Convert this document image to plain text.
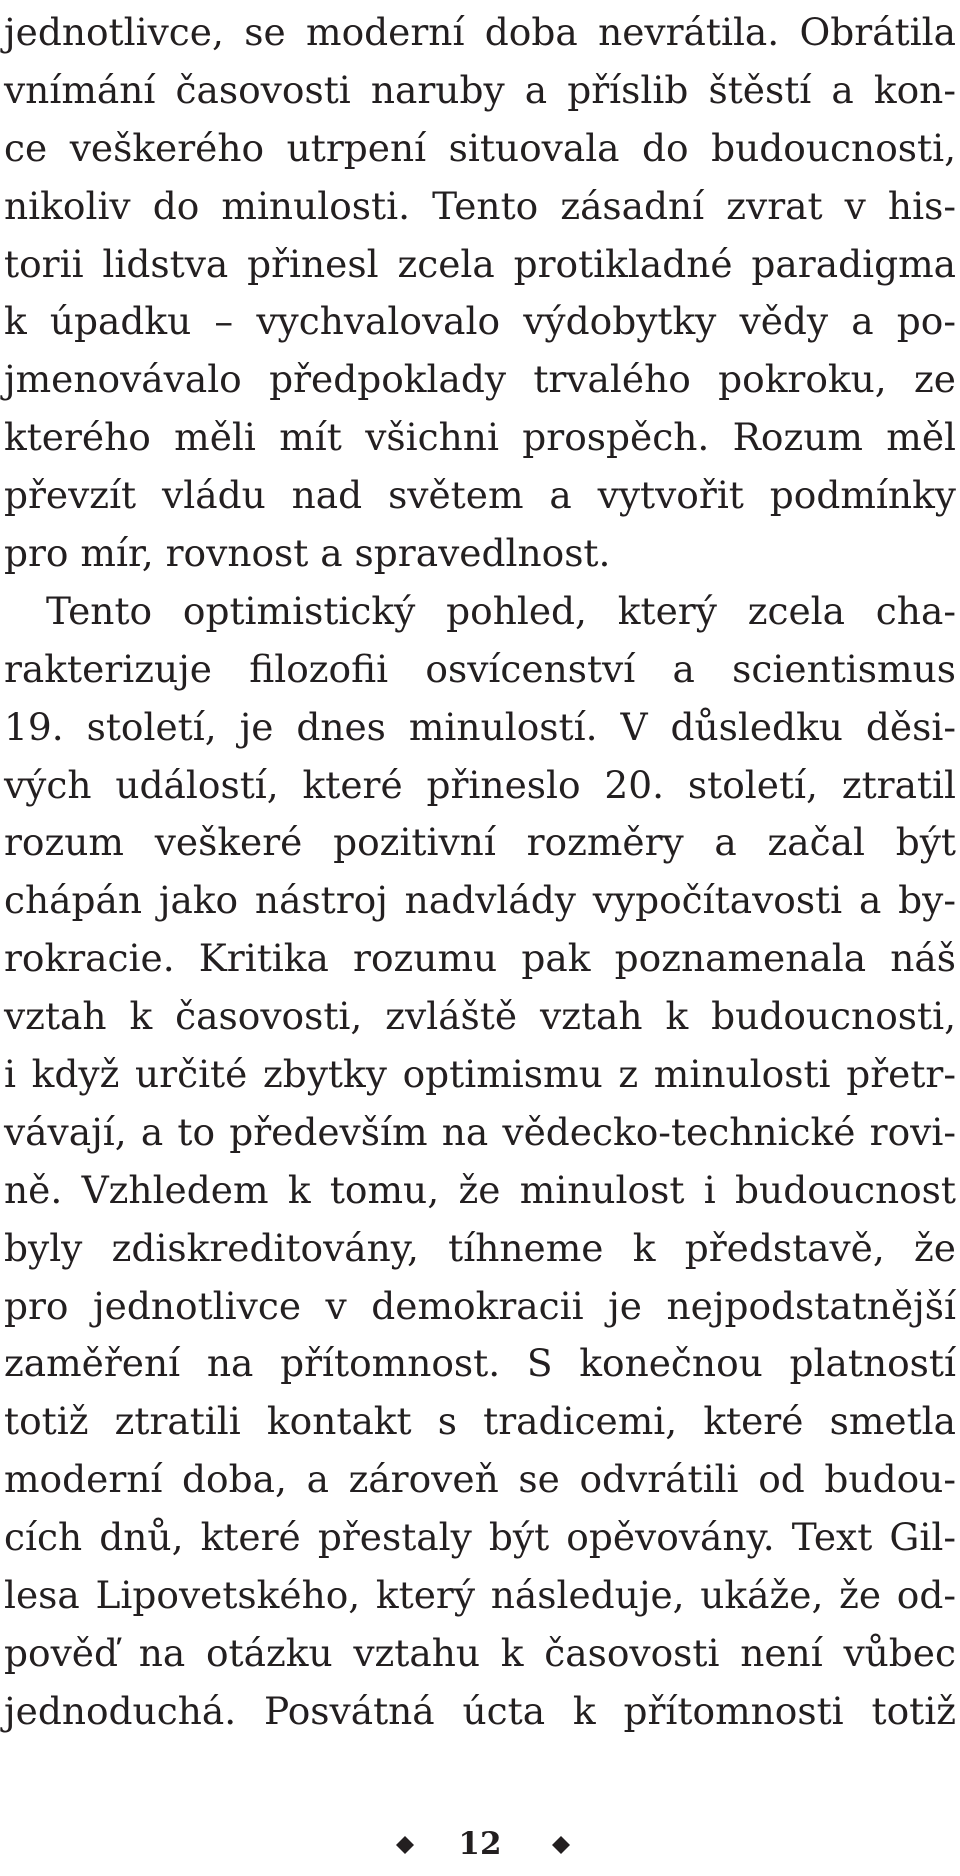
jednotlivce, se moderní doba nevrátila. Obrátila
vnímání časovosti naruby a příslib štěstí a kon-
ce veškerého utrpení situovala do budoucnosti,
nikoliv do minulosti. Tento zásadní zvrat v his-
torii lidstva přinesl zcela protikladné paradigma
k úpadku – vychvalovalo výdobytky vědy a po-
jmenovávalo předpoklady trvalého pokroku, ze
kterého měli mít všichni prospěch. Rozum měl
převzít vládu nad světem a vytvořit podmínky
pro mír, rovnost a spravedlnost.
Tento optimistický pohled, který zcela cha-
rakterizuje filozofii osvícenství a scientismus
19. století, je dnes minulostí. V důsledku děsi-
vých událostí, které přineslo 20. století, ztratil
rozum veškeré pozitivní rozměry a začal být
chápán jako nástroj nadvlády vypočítavosti a by-
rokracie. Kritika rozumu pak poznamenala náš
vztah k časovosti, zvláště vztah k budoucnosti,
i když určité zbytky optimismu z minulosti přetr-
vávají, a to především na vědecko-technické rovi-
ně. Vzhledem k tomu, že minulost i budoucnost
byly zdiskreditovány, tíhneme k představě, že
pro jednotlivce v demokracii je nejpodstatnější
zaměření na přítomnost. S konečnou platností
totiž ztratili kontakt s tradicemi, které smetla
moderní doba, a zároveň se odvrátili od budou-
cích dnů, které přestaly být opěvovány. Text Gil-
lesa Lipovetského, který následuje, ukáže, že od-
pověď na otázku vztahu k časovosti není vůbec
jednoduchá. Posvátná úcta k přítomnosti totiž
12
